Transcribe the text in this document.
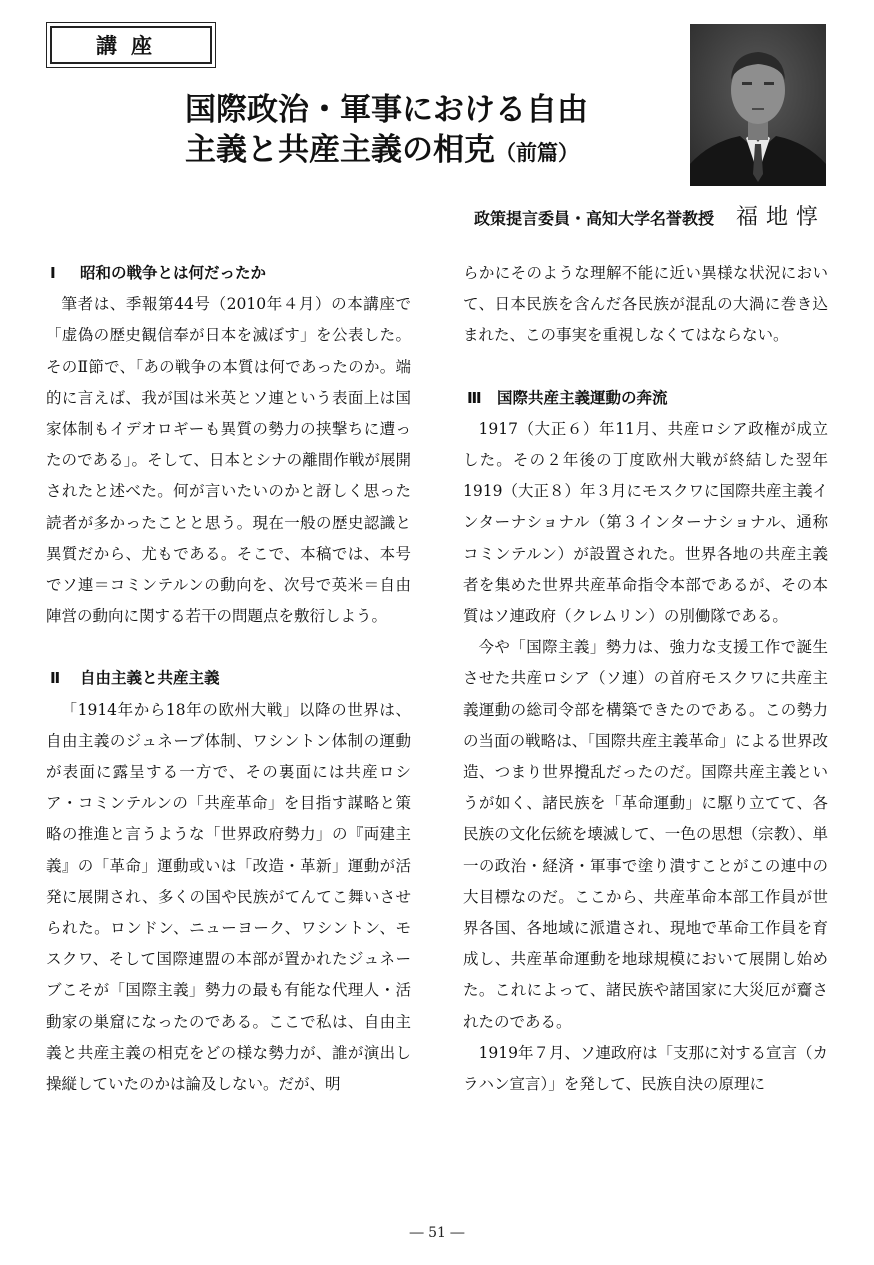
講座
国際政治・軍事における自由
主義と共産主義の相克（前篇）
政策提言委員・高知大学名誉教授 福地惇
Ⅰ 昭和の戦争とは何だったか

筆者は、季報第44号（2010年４月）の本講座で「虚偽の歴史観信奉が日本を滅ぼす」を公表した。そのⅡ節で、「あの戦争の本質は何であったのか。端的に言えば、我が国は米英とソ連という表面上は国家体制もイデオロギーも異質の勢力の挟撃ちに遭ったのである」。そして、日本とシナの離間作戦が展開されたと述べた。何が言いたいのかと訝しく思った読者が多かったことと思う。現在一般の歴史認識と異質だから、尤もである。そこで、本稿では、本号でソ連＝コミンテルンの動向を、次号で英米＝自由陣営の動向に関する若干の問題点を敷衍しよう。

Ⅱ 自由主義と共産主義

「1914年から18年の欧州大戦」以降の世界は、自由主義のジュネーブ体制、ワシントン体制の運動が表面に露呈する一方で、その裏面には共産ロシア・コミンテルンの「共産革命」を目指す謀略と策略の推進と言うような「世界政府勢力」の『両建主義』の「革命」運動或いは「改造・革新」運動が活発に展開され、多くの国や民族がてんてこ舞いさせられた。ロンドン、ニューヨーク、ワシントン、モスクワ、そして国際連盟の本部が置かれたジュネーブこそが「国際主義」勢力の最も有能な代理人・活動家の巣窟になったのである。ここで私は、自由主義と共産主義の相克をどの様な勢力が、誰が演出し操縦していたのかは論及しない。だが、明

らかにそのような理解不能に近い異様な状況において、日本民族を含んだ各民族が混乱の大渦に巻き込まれた、この事実を重視しなくてはならない。

Ⅲ 国際共産主義運動の奔流

1917（大正６）年11月、共産ロシア政権が成立した。その２年後の丁度欧州大戦が終結した翌年1919（大正８）年３月にモスクワに国際共産主義インターナショナル（第３インターナショナル、通称コミンテルン）が設置された。世界各地の共産主義者を集めた世界共産革命指令本部であるが、その本質はソ連政府（クレムリン）の別働隊である。

今や「国際主義」勢力は、強力な支援工作で誕生させた共産ロシア（ソ連）の首府モスクワに共産主義運動の総司令部を構築できたのである。この勢力の当面の戦略は、「国際共産主義革命」による世界改造、つまり世界攪乱だったのだ。国際共産主義というが如く、諸民族を「革命運動」に駆り立てて、各民族の文化伝統を壊滅して、一色の思想（宗教）、単一の政治・経済・軍事で塗り潰すことがこの連中の大目標なのだ。ここから、共産革命本部工作員が世界各国、各地域に派遣され、現地で革命工作員を育成し、共産革命運動を地球規模において展開し始めた。これによって、諸民族や諸国家に大災厄が齎されたのである。

1919年７月、ソ連政府は「支那に対する宣言（カラハン宣言）」を発して、民族自決の原理に

― 51 ―
